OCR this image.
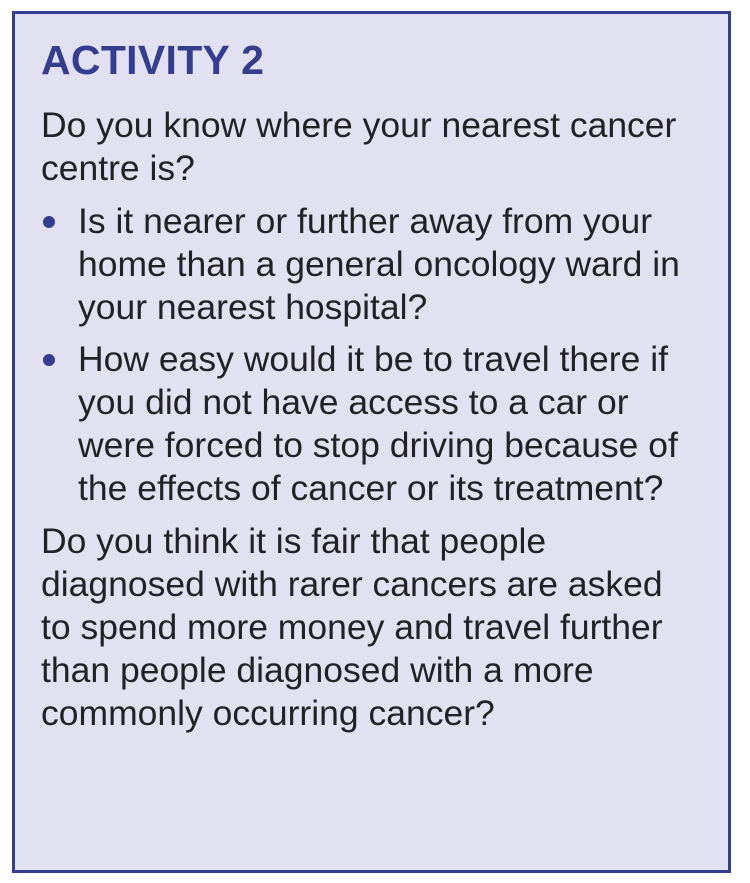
ACTIVITY 2

Do you know where your nearest cancer centre is?

Is it nearer or further away from your home than a general oncology ward in your nearest hospital?
How easy would it be to travel there if you did not have access to a car or were forced to stop driving because of the effects of cancer or its treatment?

Do you think it is fair that people diagnosed with rarer cancers are asked to spend more money and travel further than people diagnosed with a more commonly occurring cancer?
